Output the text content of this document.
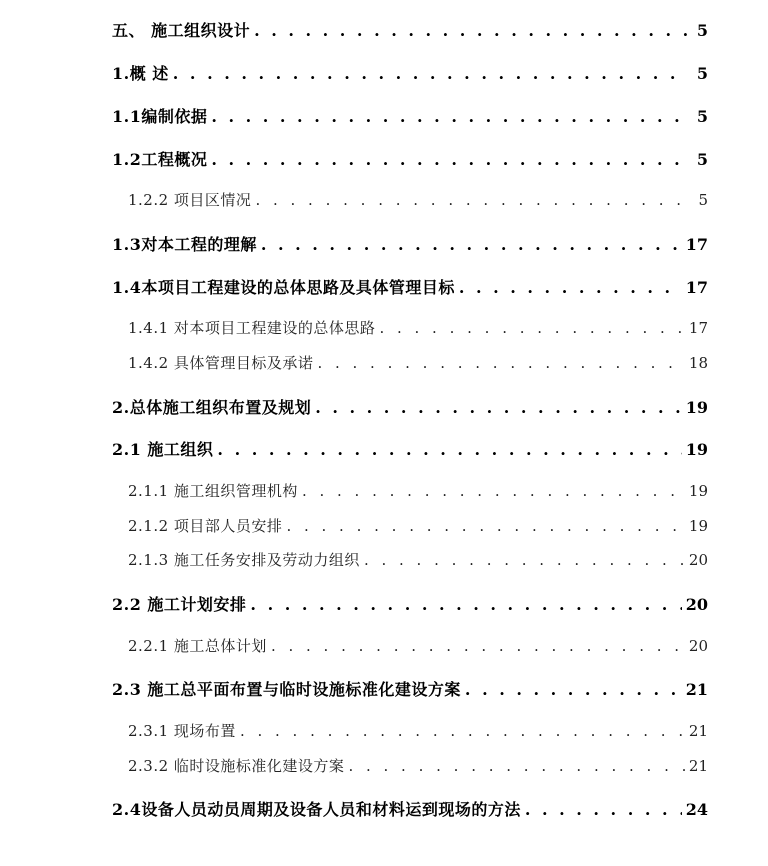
五、 施工组织设计 . . .	5
1.概 述 . . .	5
1.1编制依据 . . .	5
1.2工程概况 . . .	5
1.2.2 项目区情况 . . .	5
1.3对本工程的理解 . . .	17
1.4本项目工程建设的总体思路及具体管理目标 . . .	17
1.4.1 对本项目工程建设的总体思路 . . .	17
1.4.2 具体管理目标及承诺 . . .	18
2.总体施工组织布置及规划 . . .	19
2.1 施工组织 . . .	19
2.1.1 施工组织管理机构 . . .	19
2.1.2 项目部人员安排 . . .	19
2.1.3 施工任务安排及劳动力组织 . . .	20
2.2 施工计划安排 . . .	20
2.2.1 施工总体计划 . . .	20
2.3 施工总平面布置与临时设施标准化建设方案 . . .	21
2.3.1 现场布置 . . .	21
2.3.2 临时设施标准化建设方案 . . .	21
2.4设备人员动员周期及设备人员和材料运到现场的方法 . . .	24
